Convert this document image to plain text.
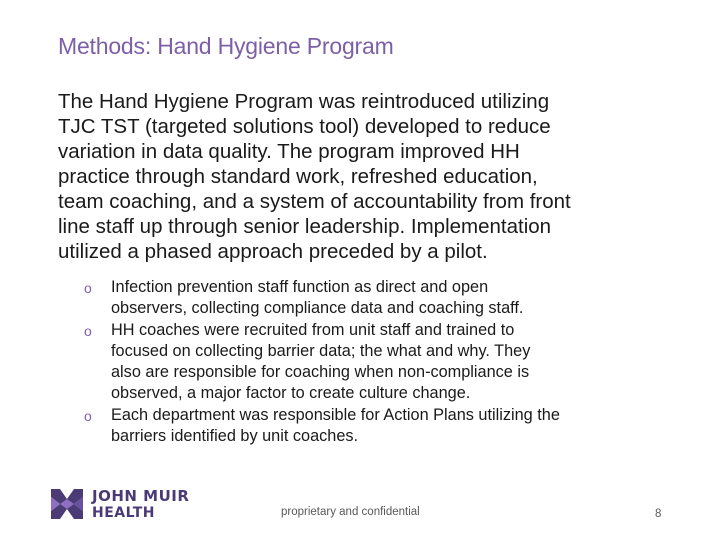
Methods: Hand Hygiene Program
The Hand Hygiene Program was reintroduced utilizing
TJC TST (targeted solutions tool) developed to reduce
variation in data quality. The program improved HH
practice through standard work, refreshed education,
team coaching, and a system of accountability from front
line staff up through senior leadership. Implementation
utilized a phased approach preceded by a pilot.
o Infection prevention staff function as direct and open
observers, collecting compliance data and coaching staff.
o HH coaches were recruited from unit staff and trained to
focused on collecting barrier data; the what and why. They
also are responsible for coaching when non-compliance is
observed, a major factor to create culture change.
o Each department was responsible for Action Plans utilizing the
barriers identified by unit coaches.
JOHN MUIR
HEALTH	proprietary and confidential	8
